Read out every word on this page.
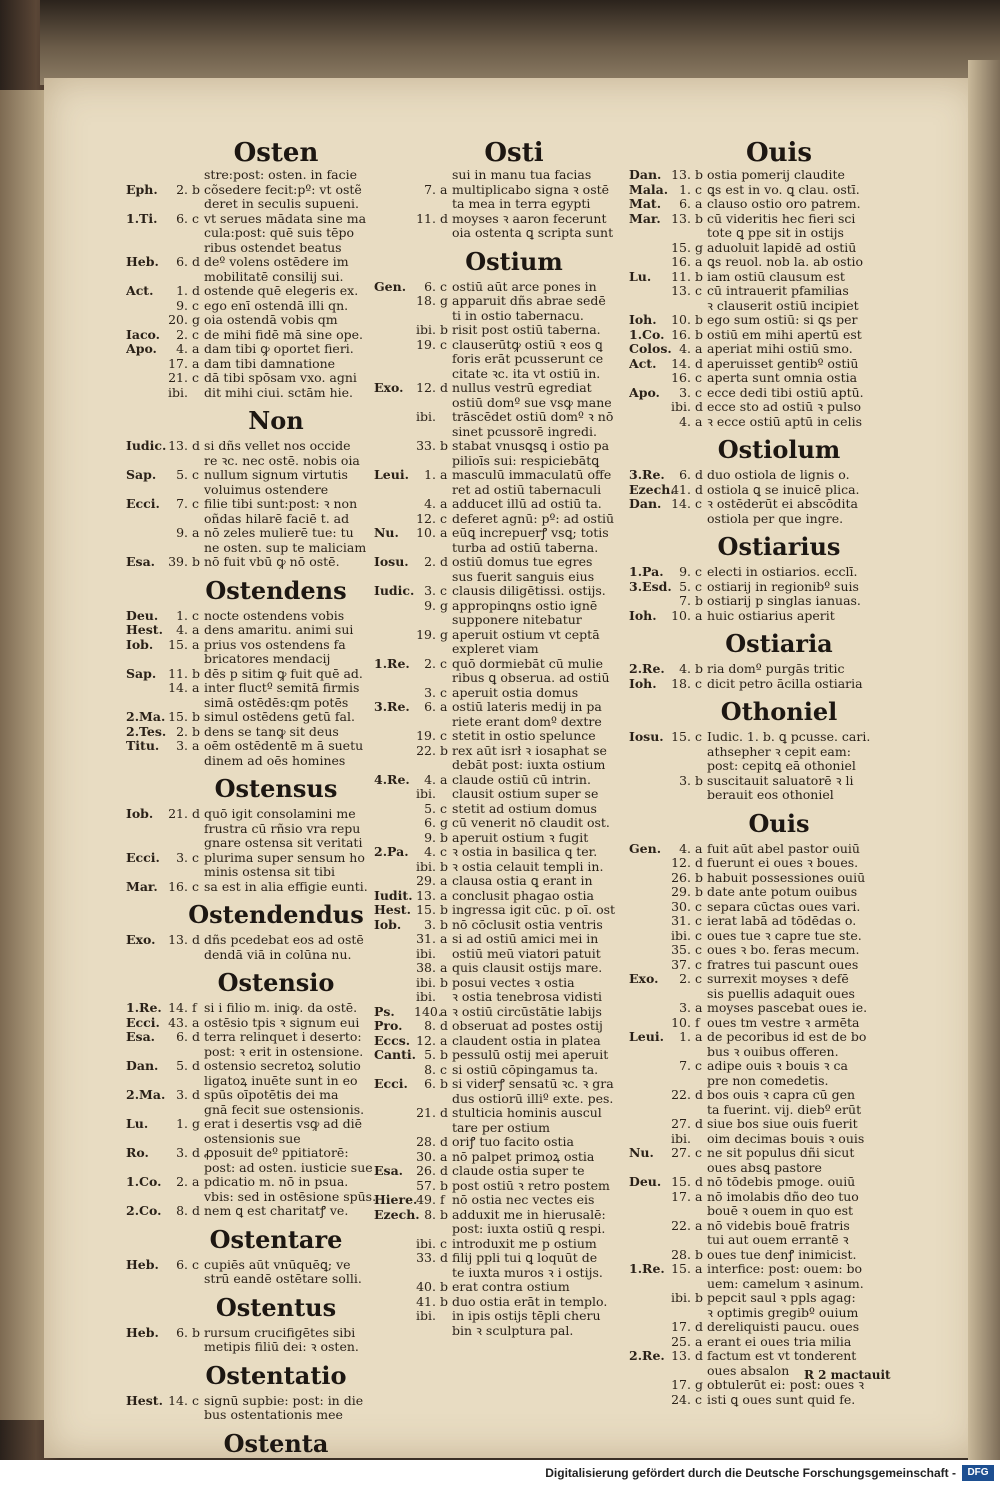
Osten
stre:post: osten. in facie
Eph. 2. b cõsedere fecit:pº: vt ostẽ
deret in seculis supueni.
1.Ti. 6. c vt serues mādata sine ma
cula:post: quē suis tēpo
ribus ostendet beatus
Heb. 6. d deº volens ostēdere im
mobilitatē consilij sui.
Act. 1. d ostende quē elegeris ex.
9. c ego enī ostendā illi qn.
20. g oia ostendā vobis qm
Iaco. 2. c de mihi fidē mā sine ope.
Apo. 4. a dam tibi ꝙ oportet fieri.
17. a dam tibi damnatione
21. c dā tibi spōsam vxo. agni
ibi. dit mihi ciui. sctām hie.
Non
Iudic. 13. d si dñs vellet nos occide
re ꝛc. nec ostē. nobis oia
Sap. 5. c nullum signum virtutis
voluimus ostendere
Ecci. 7. c filie tibi sunt:post: ꝛ non
oñdas hilarē faciē t. ad
9. a nō zeles mulierē tue: tu
ne osten. sup te maliciam
Esa. 39. b nō fuit vbū ꝙ nō ostē.
Ostendens
Deu. 1. c nocte ostendens vobis
Hest. 4. a dens amaritu. animi sui
Iob. 15. a prius vos ostendens fa
bricatores mendacij
Sap. 11. b dēs p sitim ꝙ fuit quē ad.
14. a inter fluctº semitā firmis
simā ostēdēs:qm potēs
2.Ma. 15. b simul ostēdens getū fal.
2.Tes. 2. b dens se tanꝙ sit deus
Titu. 3. a oēm ostēdentē m ā suetu
dinem ad oēs homines
Ostensus
Iob. 21. d quō igit consolamini me
frustra cū rñsio vra repu
gnare ostensa sit veritati
Ecci. 3. c plurima super sensum ho
minis ostensa sit tibi
Mar. 16. c sa est in alia effigie eunti.
Ostendendus
Exo. 13. d dñs pcedebat eos ad ostē
dendā viā in colūna nu.
Ostensio
1.Re. 14. f si i filio m. iniꝙ. da ostē.
Ecci. 43. a ostēsio tpis ꝛ signum eui
Esa. 6. d terra relinquet i deserto:
post: ꝛ erit in ostensione.
Dan. 5. d ostensio secretoꝝ solutio
ligatoꝝ inuēte sunt in eo
2.Ma. 3. d spūs oīpotētis dei ma
gnā fecit sue ostensionis.
Lu. 1. g erat i desertis vsꝙ ad diē
ostensionis sue
Ro. 3. d ꝓposuit deº ppitiatorē:
post: ad osten. iusticie sue
1.Co. 2. a pdicatio m. nō in psua.
vbis: sed in ostēsione spūs.
2.Co. 8. d nem ꝗ est charitatꝭ ve.
Ostentare
Heb. 6. c cupiēs aūt vnūquēꝗ; ve
strū eandē ostētare solli.
Ostentus
Heb. 6. b rursum crucifigētes sibi
metipis filiū dei: ꝛ osten.
Ostentatio
Hest. 14. c signū supbie: post: in die
bus ostentationis mee
Ostenta
Osti
sui in manu tua facias
7. a multiplicabo signa ꝛ ostē
ta mea in terra egypti
11. d moyses ꝛ aaron fecerunt
oia ostenta ꝗ scripta sunt
Ostium
Gen. 6. c ostiū aūt arce pones in
18. g apparuit dñs abrae sedē
ti in ostio tabernacu.
ibi. b risit post ostiū taberna.
19. c clauserūtꝙ ostiū ꝛ eos ꝗ
foris erāt pcusserunt ce
citate ꝛc. ita vt ostiū in.
Exo. 12. d nullus vestrū egrediat
ostiū domº sue vsꝙ mane
ibi. trāscēdet ostiū domº ꝛ nō
sinet pcussorē ingredi.
33. b stabat vnusꝗsꝗ i ostio pa
pilioīs sui: respiciebātꝗ
Leui. 1. a masculū immaculatū offe
ret ad ostiū tabernaculi
4. a adducet illū ad ostiū ta.
12. c deferet agnū: pº: ad ostiū
Nu. 10. a eūꝗ increpuerꝭ vsꝗ; totis
turba ad ostiū taberna.
Iosu. 2. d ostiū domus tue egres
sus fuerit sanguis eius
Iudic. 3. c clausis diligētissi. ostijs.
9. g appropinꝗns ostio ignē
supponere nitebatur
19. g aperuit ostium vt ceptā
expleret viam
1.Re. 2. c quō dormiebāt cū mulie
ribus ꝗ obserua. ad ostiū
3. c aperuit ostia domus
3.Re. 6. a ostiū lateris medij in pa
riete erant domº dextre
19. c stetit in ostio spelunce
22. b rex aūt isrł ꝛ iosaphat se
debāt post: iuxta ostium
4.Re. 4. a claude ostiū cū intrin.
ibi. clausit ostium super se
5. c stetit ad ostium domus
6. g cū venerit nō claudit ost.
9. b aperuit ostium ꝛ fugit
2.Pa. 4. c ꝛ ostia in basilica ꝗ ter.
ibi. b ꝛ ostia celauit templi in.
29. a clausa ostia ꝗ erant in
Iudit. 13. a conclusit phagao ostia
Hest. 15. b ingressa igit cūc. p oī. ost
Iob. 3. b nō cōclusit ostia ventris
31. a si ad ostiū amici mei in
ibi. ostiū meū viatori patuit
38. a quis clausit ostijs mare.
ibi. b posui vectes ꝛ ostia
ibi. ꝛ ostia tenebrosa vidisti
Ps. 140.a ꝛ ostiū circūstātie labijs
Pro. 8. d obseruat ad postes ostij
Eccs. 12. a claudent ostia in platea
Canti. 5. b pessulū ostij mei aperuit
8. c si ostiū cōpingamus ta.
Ecci. 6. b si viderꝭ sensatū ꝛc. ꝛ gra
dus ostiorū illiº exte. pes.
21. d stulticia hominis auscul
tare per ostium
28. d oriꝭ tuo facito ostia
30. a nō palpet primoꝝ ostia
Esa. 26. d claude ostia super te
57. b post ostiū ꝛ retro postem
Hiere.49. f nō ostia nec vectes eis
Ezech. 8. b adduxit me in hierusalē:
post: iuxta ostiū ꝗ respi.
ibi. c introduxit me p ostium
33. d filij ppli tui ꝗ loquūt de
te iuxta muros ꝛ i ostijs.
40. b erat contra ostium
41. b duo ostia erāt in templo.
ibi. in ipis ostijs tēpli cheru
bin ꝛ sculptura pal.
Ouis
Dan. 13. b ostia pomerij claudite
Mala. 1. c ꝗs est in vo. ꝗ clau. ostī.
Mat. 6. a clauso ostio oro patrem.
Mar. 13. b cū videritis hec fieri sci
tote ꝗ ppe sit in ostijs
15. g aduoluit lapidē ad ostiū
16. a ꝗs reuol. nob la. ab ostio
Lu. 11. b iam ostiū clausum est
13. c cū intrauerit pfamilias
ꝛ clauserit ostiū incipiet
Ioh. 10. b ego sum ostiū: si ꝗs per
1.Co. 16. b ostiū em mihi apertū est
Colos. 4. a aperiat mihi ostiū smo.
Act. 14. d aperuisset gentibº ostiū
16. c aperta sunt omnia ostia
Apo. 3. c ecce dedi tibi ostiū aptū.
ibi. d ecce sto ad ostiū ꝛ pulso
4. a ꝛ ecce ostiū aptū in celis
Ostiolum
3.Re. 6. d duo ostiola de lignis o.
Ezech.41. d ostiola ꝗ se inuicē plica.
Dan. 14. c ꝛ ostēderūt ei abscōdita
ostiola per que ingre.
Ostiarius
1.Pa. 9. c electi in ostiarios. ecclī.
3.Esd. 5. c ostiarij in regionibº suis
7. b ostiarij p singlas ianuas.
Ioh. 10. a huic ostiarius aperit
Ostiaria
2.Re. 4. b ria domº purgās tritic
Ioh. 18. c dicit petro ācilla ostiaria
Othoniel
Iosu. 15. c Iudic. 1. b. ꝗ pcusse. cari.
athsepher ꝛ cepit eam:
post: cepitꝗ eā othoniel
3. b suscitauit saluatorē ꝛ li
berauit eos othoniel
Ouis
Gen. 4. a fuit aūt abel pastor ouiū
12. d fuerunt ei oues ꝛ boues.
26. b habuit possessiones ouiū
29. b date ante potum ouibus
30. c separa cūctas oues vari.
31. c ierat labā ad tōdēdas o.
ibi. c oues tue ꝛ capre tue ste.
35. c oues ꝛ bo. feras mecum.
37. c fratres tui pascunt oues
Exo. 2. c surrexit moyses ꝛ defē
sis puellis adaquit oues
3. a moyses pascebat oues ie.
10. f oues tm vestre ꝛ armēta
Leui. 1. a de pecoribus id est de bo
bus ꝛ ouibus offeren.
7. c adipe ouis ꝛ bouis ꝛ ca
pre non comedetis.
22. d bos ouis ꝛ capra cū gen
ta fuerint. vij. diebº erūt
27. d siue bos siue ouis fuerit
ibi. oim decimas bouis ꝛ ouis
Nu. 27. c ne sit populus dñi sicut
oues absꝗ pastore
Deu. 15. d nō tōdebis pmoge. ouiū
17. a nō imolabis dño deo tuo
bouē ꝛ ouem in quo est
22. a nō videbis bouē fratris
tui aut ouem errantē ꝛ
28. b oues tue denꝭ inimicist.
1.Re. 15. a interfice: post: ouem: bo
uem: camelum ꝛ asinum.
ibi. b pepcit saul ꝛ ppls agag:
ꝛ optimis gregibº ouium
17. d dereliquisti paucu. oues
25. a erant ei oues tria milia
2.Re. 13. d factum est vt tonderent
oues absalon
17. g obtulerūt ei: post: oues ꝛ
24. c isti ꝗ oues sunt quid fe.
R 2 mactauit
Digitalisierung gefördert durch die Deutsche Forschungsgemeinschaft -	DFG
